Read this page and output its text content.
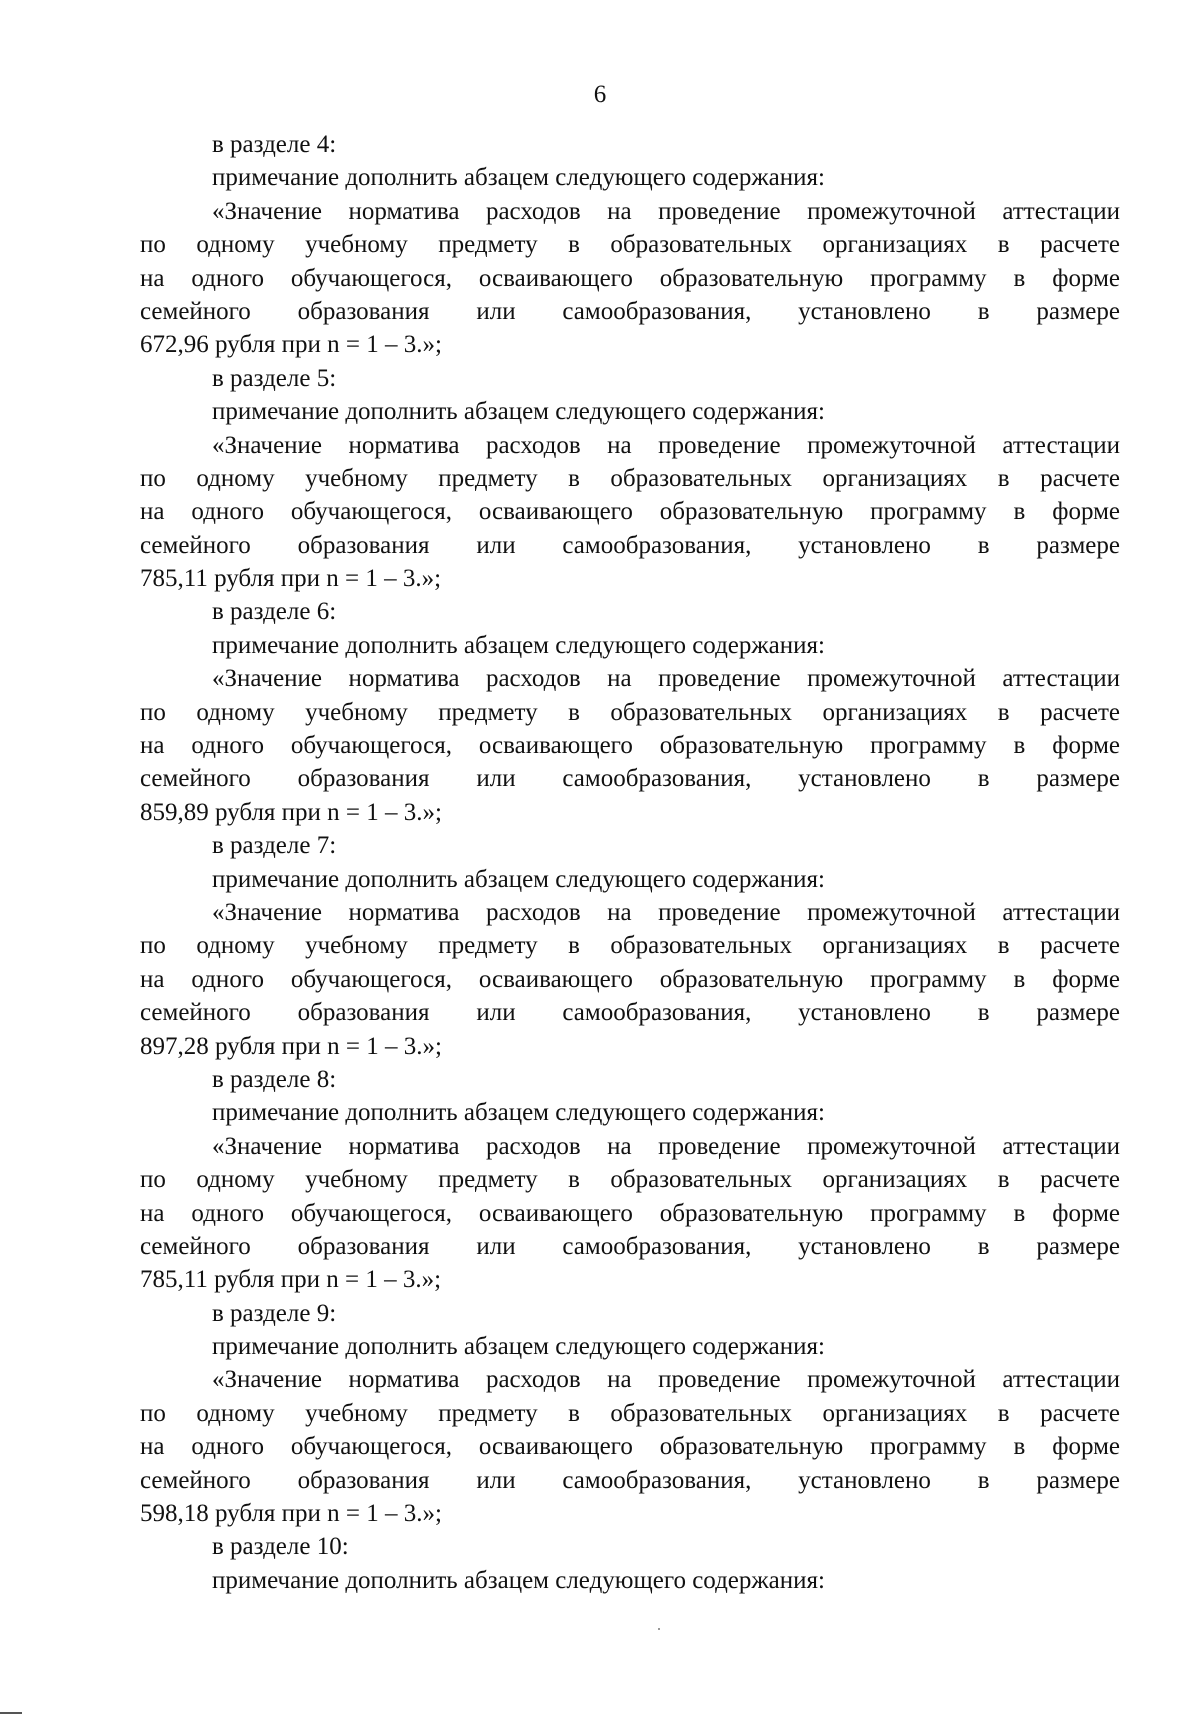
6
в разделе 4:
примечание дополнить абзацем следующего содержания:
«Значение норматива расходов на проведение промежуточной аттестации
по одному учебному предмету в образовательных организациях в расчете
на одного обучающегося, осваивающего образовательную программу в форме
семейного образования или самообразования, установлено в размере
672,96 рубля при n = 1 – 3.»;
в разделе 5:
примечание дополнить абзацем следующего содержания:
«Значение норматива расходов на проведение промежуточной аттестации
по одному учебному предмету в образовательных организациях в расчете
на одного обучающегося, осваивающего образовательную программу в форме
семейного образования или самообразования, установлено в размере
785,11 рубля при n = 1 – 3.»;
в разделе 6:
примечание дополнить абзацем следующего содержания:
«Значение норматива расходов на проведение промежуточной аттестации
по одному учебному предмету в образовательных организациях в расчете
на одного обучающегося, осваивающего образовательную программу в форме
семейного образования или самообразования, установлено в размере
859,89 рубля при n = 1 – 3.»;
в разделе 7:
примечание дополнить абзацем следующего содержания:
«Значение норматива расходов на проведение промежуточной аттестации
по одному учебному предмету в образовательных организациях в расчете
на одного обучающегося, осваивающего образовательную программу в форме
семейного образования или самообразования, установлено в размере
897,28 рубля при n = 1 – 3.»;
в разделе 8:
примечание дополнить абзацем следующего содержания:
«Значение норматива расходов на проведение промежуточной аттестации
по одному учебному предмету в образовательных организациях в расчете
на одного обучающегося, осваивающего образовательную программу в форме
семейного образования или самообразования, установлено в размере
785,11 рубля при n = 1 – 3.»;
в разделе 9:
примечание дополнить абзацем следующего содержания:
«Значение норматива расходов на проведение промежуточной аттестации
по одному учебному предмету в образовательных организациях в расчете
на одного обучающегося, осваивающего образовательную программу в форме
семейного образования или самообразования, установлено в размере
598,18 рубля при n = 1 – 3.»;
в разделе 10:
примечание дополнить абзацем следующего содержания:
